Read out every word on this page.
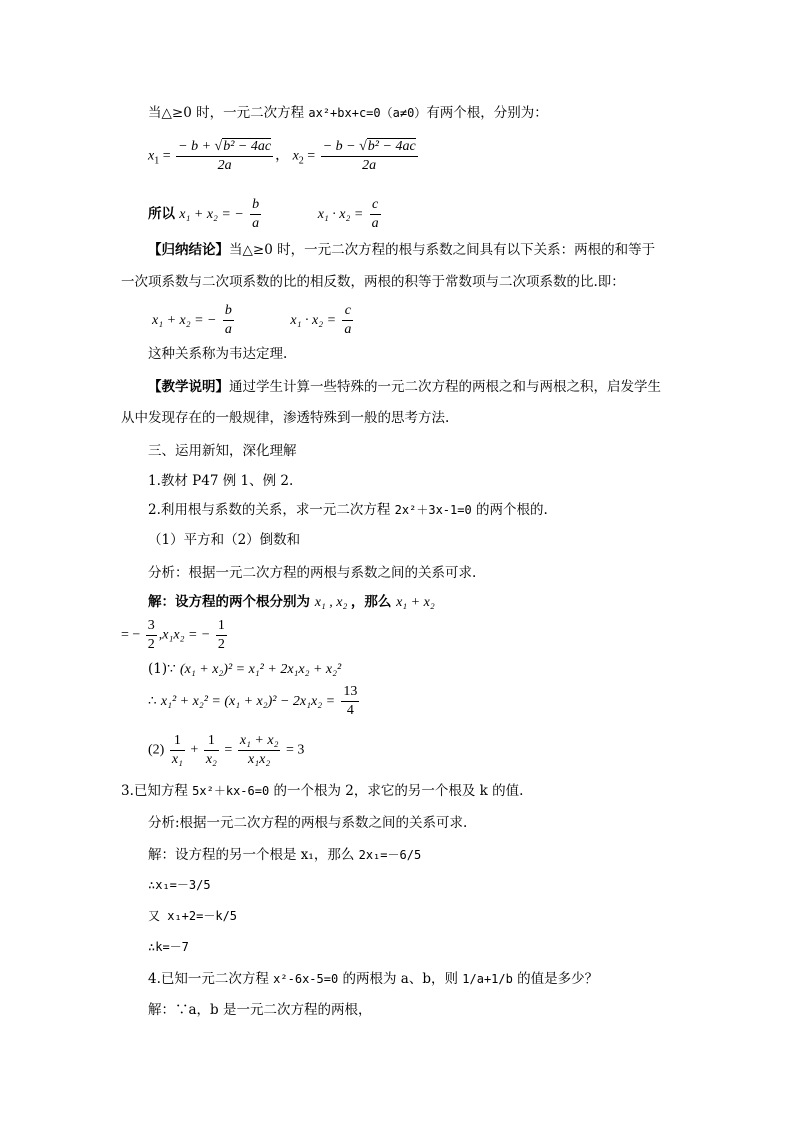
当△≥0 时，一元二次方程 ax²+bx+c=0（a≠0）有两个根，分别为：
$x_1 = \frac{\text{− b + √b² − 4ac}}{2a}$ ， $x_2 = \frac{\text{− b − √b² − 4ac}}{2a}$
所以 x₁ + x₂ = − $\frac{b}{a}$	$x_1 \cdot x_2 = \frac{c}{a}$
【归纳结论】当△≥0 时，一元二次方程的根与系数之间具有以下关系：两根的和等于
一次项系数与二次项系数的比的相反数，两根的积等于常数项与二次项系数的比.即：
x₁ + x₂ = − $\frac{b}{a}$	$x_1 \cdot x_2 = \frac{c}{a}$
这种关系称为韦达定理.
【教学说明】通过学生计算一些特殊的一元二次方程的两根之和与两根之积，启发学生
从中发现存在的一般规律，渗透特殊到一般的思考方法.
三、运用新知，深化理解
1.教材 P47 例 1、例 2.
2.利用根与系数的关系，求一元二次方程 2x²＋3x-1=0 的两个根的.
（1）平方和（2）倒数和
分析：根据一元二次方程的两根与系数之间的关系可求.
解：设方程的两个根分别为 x₁ , x₂ ，那么 x₁ + x₂
= − $\frac{3}{2} ,x_1x_2$ = − $\frac{1}{2}$
(1)∵ (x₁ + x₂)² = x₁² + 2x₁x₂ + x₂²
∴ $x_1^2 + x_2^2 = (x_1 + x_2)^2 - 2x_1x_2 = \frac{13}{4}$
$(2) \frac{1}{\text{x₁}} + \frac{1}{\text{x₂}} = \frac{\text{x₁ + x₂}}{\text{x₁x₂}} = 3$
3.已知方程 5x²＋kx-6=0 的一个根为 2，求它的另一个根及 k 的值.
分析:根据一元二次方程的两根与系数之间的关系可求.
解：设方程的另一个根是 x₁，那么 2x₁=－6/5
∴x₁=－3/5
又 x₁+2=－k/5
∴k=－7
4.已知一元二次方程 x²-6x-5=0 的两根为 a、b，则 1/a+1/b 的值是多少？
解：∵a，b 是一元二次方程的两根，
